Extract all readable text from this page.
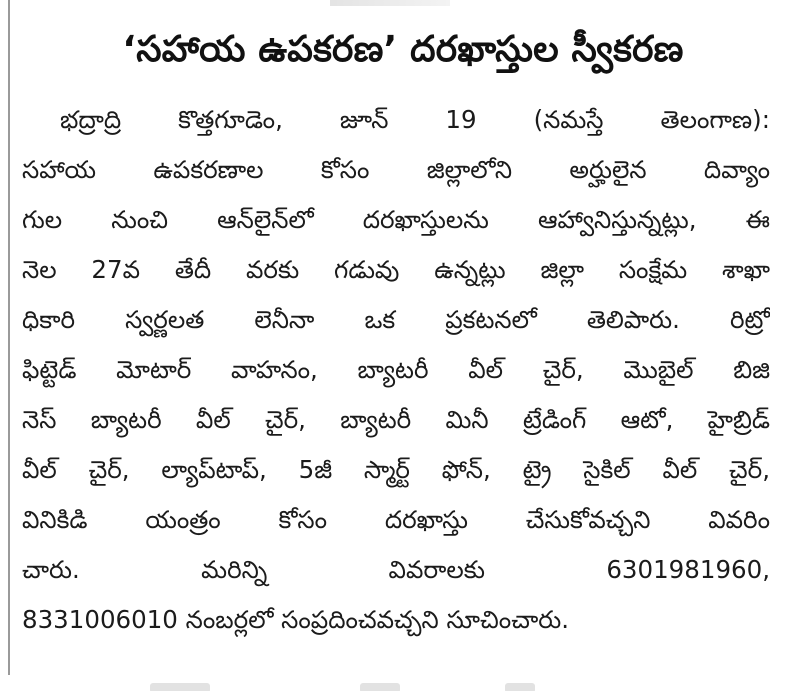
‘సహాయ ఉపకరణ’ దరఖాస్తుల స్వీకరణ
భద్రాద్రి కొత్తగూడెం, జూన్ 19 (నమస్తే తెలంగాణ):
సహాయ ఉపకరణాల కోసం జిల్లాలోని అర్హులైన దివ్యాం
గుల నుంచి ఆన్‌లైన్‌లో దరఖాస్తులను ఆహ్వానిస్తున్నట్లు, ఈ
నెల 27వ తేదీ వరకు గడువు ఉన్నట్లు జిల్లా సంక్షేమ శాఖా
ధికారి స్వర్ణలత లెనీనా ఒక ప్రకటనలో తెలిపారు. రిట్రో
ఫిట్టెడ్ మోటార్ వాహనం, బ్యాటరీ వీల్ చైర్, మొబైల్ బిజి
నెస్ బ్యాటరీ వీల్ చైర్, బ్యాటరీ మినీ ట్రేడింగ్ ఆటో, హైబ్రిడ్
వీల్ చైర్, ల్యాప్‌టాప్, 5జీ స్మార్ట్ ఫోన్, ట్రై సైకిల్ వీల్ చైర్,
వినికిడి యంత్రం కోసం దరఖాస్తు చేసుకోవచ్చని వివరిం
చారు. మరిన్ని వివరాలకు 6301981960,
8331006010 నంబర్లలో సంప్రదించవచ్చని సూచించారు.
